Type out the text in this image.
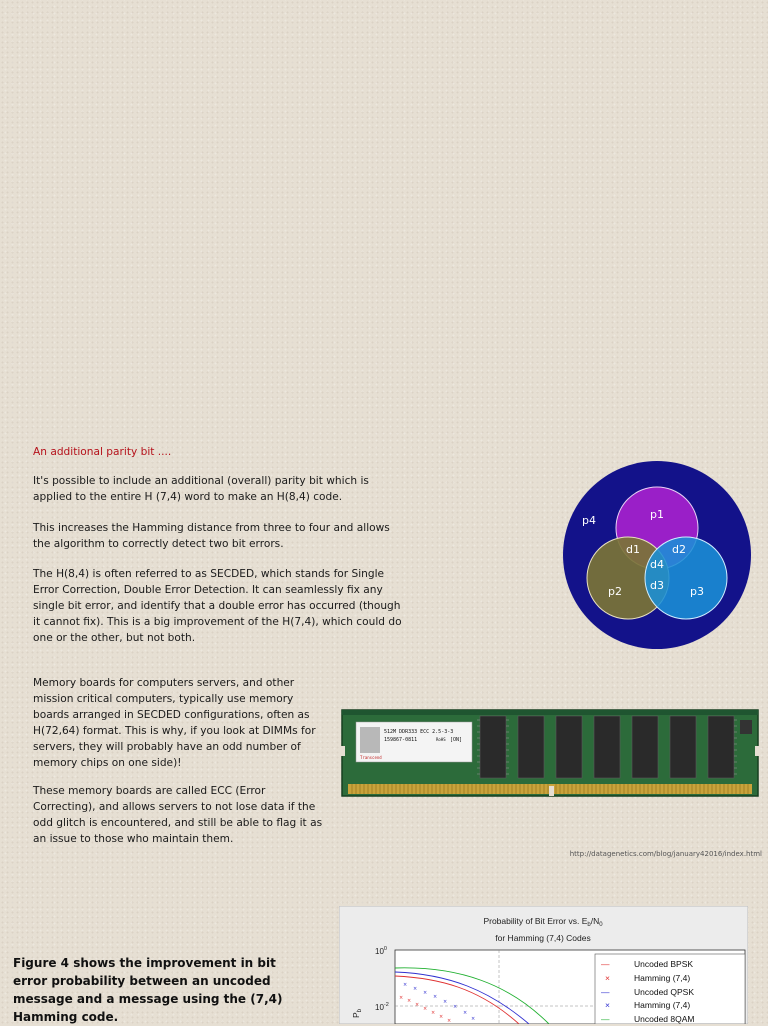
An additional parity bit ....

It's possible to include an additional (overall) parity bit which is applied to the entire H (7,4) word to make an H(8,4) code.

This increases the Hamming distance from three to four and allows the algorithm to correctly detect two bit errors.

The H(8,4) is often referred to as SECDED, which stands for Single Error Correction, Double Error Detection. It can seamlessly fix any single bit error, and identify that a double error has occurred (though it cannot fix). This is a big improvement of the H(7,4), which could do one or the other, but not both.

Memory boards for computers servers, and other mission critical computers, typically use memory boards arranged in SECDED configurations, often as H(72,64) format. This is why, if you look at DIMMs for servers, they will probably have an odd number of memory chips on one side)!

These memory boards are called ECC (Error Correcting), and allows servers to not lose data if the odd glitch is encountered, and still be able to flag it as an issue to those who maintain them.

http://datagenetics.com/blog/january42016/index.html
Figure 4 shows the improvement in bit error probability between an uncoded message and a message using the (7,4) Hamming code.
p4	p1
p2	p3
d1	d2
d3
d4
512M DDR333 ECC 2.5-3-3
159867-0811	RoHS [ON]
Transcend
Probability of Bit Error vs. $E_b/N_0$
for Hamming (7,4) Codes
$10^0$
$10^{-2}$
$P_b$
× ×
×
×
×
×
×
×
×
×
×
×
×
×
×
—	Uncoded BPSK
×	Hamming (7,4)
—	Uncoded QPSK
×	Hamming (7,4)
—	Uncoded 8QAM
